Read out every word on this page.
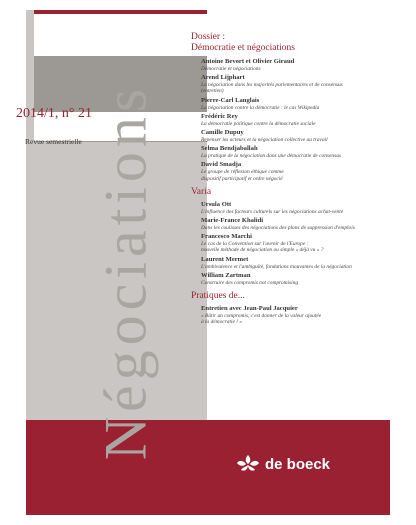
Négociations
2014/1, n° 21
Revue semestrielle
Dossier :
Démocratie et négociations
Antoine Bevort et Olivier Giraud
Démocratie et négociations
Arend Lijphart
La négociation dans les majorités parlementaires et de consensus
(entretien)
Pierre-Carl Langlais
La négociation contre la démocratie : le cas Wikipedia
Frédéric Rey
La démocratie politique contre la démocratie sociale
Camille Dupuy
Repenser les acteurs et la négociation collective au travail
Selma Bendjaballah
La pratique de la négociation dans une démocratie de consensus
David Smadja
Le groupe de réflexion éthique comme
dispositif participatif et ordre négocié
Varia
Ursula Ott
L'influence des facteurs culturels sur les négociations achat-vente
Marie-France Khalidi
Dans les coulisses des négociations des plans de suppression d'emplois
Francesco Marchi
Le cas de la Convention sur l'avenir de l'Europe :
nouvelle méthode de négociation ou simple « déjà vu » ?
Laurent Mermet
L'ambivalence et l'ambiguïté, fondations mouvantes de la négociation
William Zartman
Construire des compromis not compromising
Pratiques de...
Entretien avec Jean-Paul Jacquier
« Bâtir un compromis, c'est donner de la valeur ajoutée
à la démocratie ! »
de boeck
